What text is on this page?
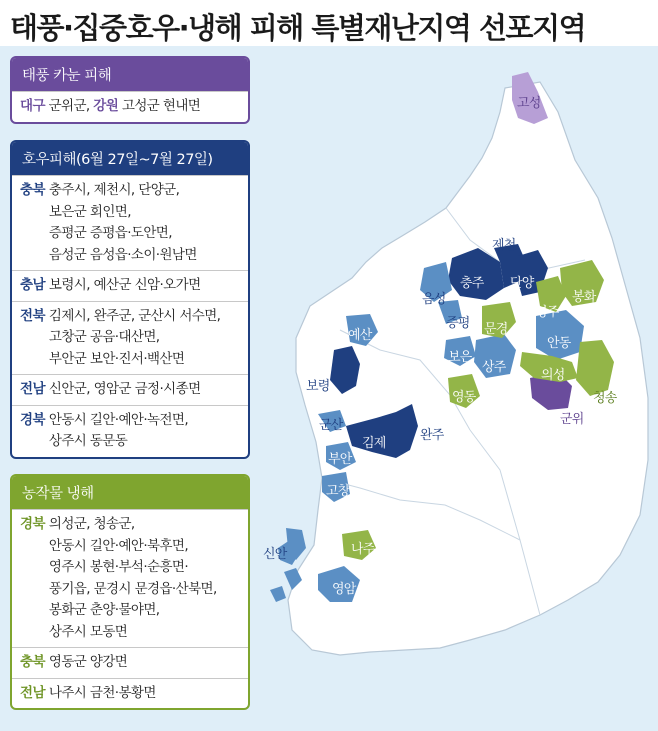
태풍·집중호우·냉해 피해 특별재난지역 선포지역
태풍 카눈 피해
대구 군위군, 강원 고성군 현내면
호우피해(6월 27일~7월 27일)
충북 충주시, 제천시, 단양군,
보은군 회인면,
증평군 증평읍·도안면,
음성군 음성읍·소이·원남면
충남 보령시, 예산군 신암·오가면
전북 김제시, 완주군, 군산시 서수면,
고창군 공음·대산면,
부안군 보안·진서·백산면
전남 신안군, 영암군 금정·시종면
경북 안동시 길안·예안·녹전면,
상주시 동문동
농작물 냉해
경북 의성군, 청송군,
안동시 길안·예안·북후면,
영주시 봉현·부석·순흥면·
풍기읍, 문경시 문경읍·산북면,
봉화군 춘양·물야면,
상주시 모동면
충북 영동군 양강면
전남 나주시 금천·봉황면
고성
제천
충주 단양
음성
증평
영주
봉화
예산	문경
안동
보은
상주
보령
의성
청송
영동
군위
군산
김제
완주
부안
고창
신안	나주
영암
